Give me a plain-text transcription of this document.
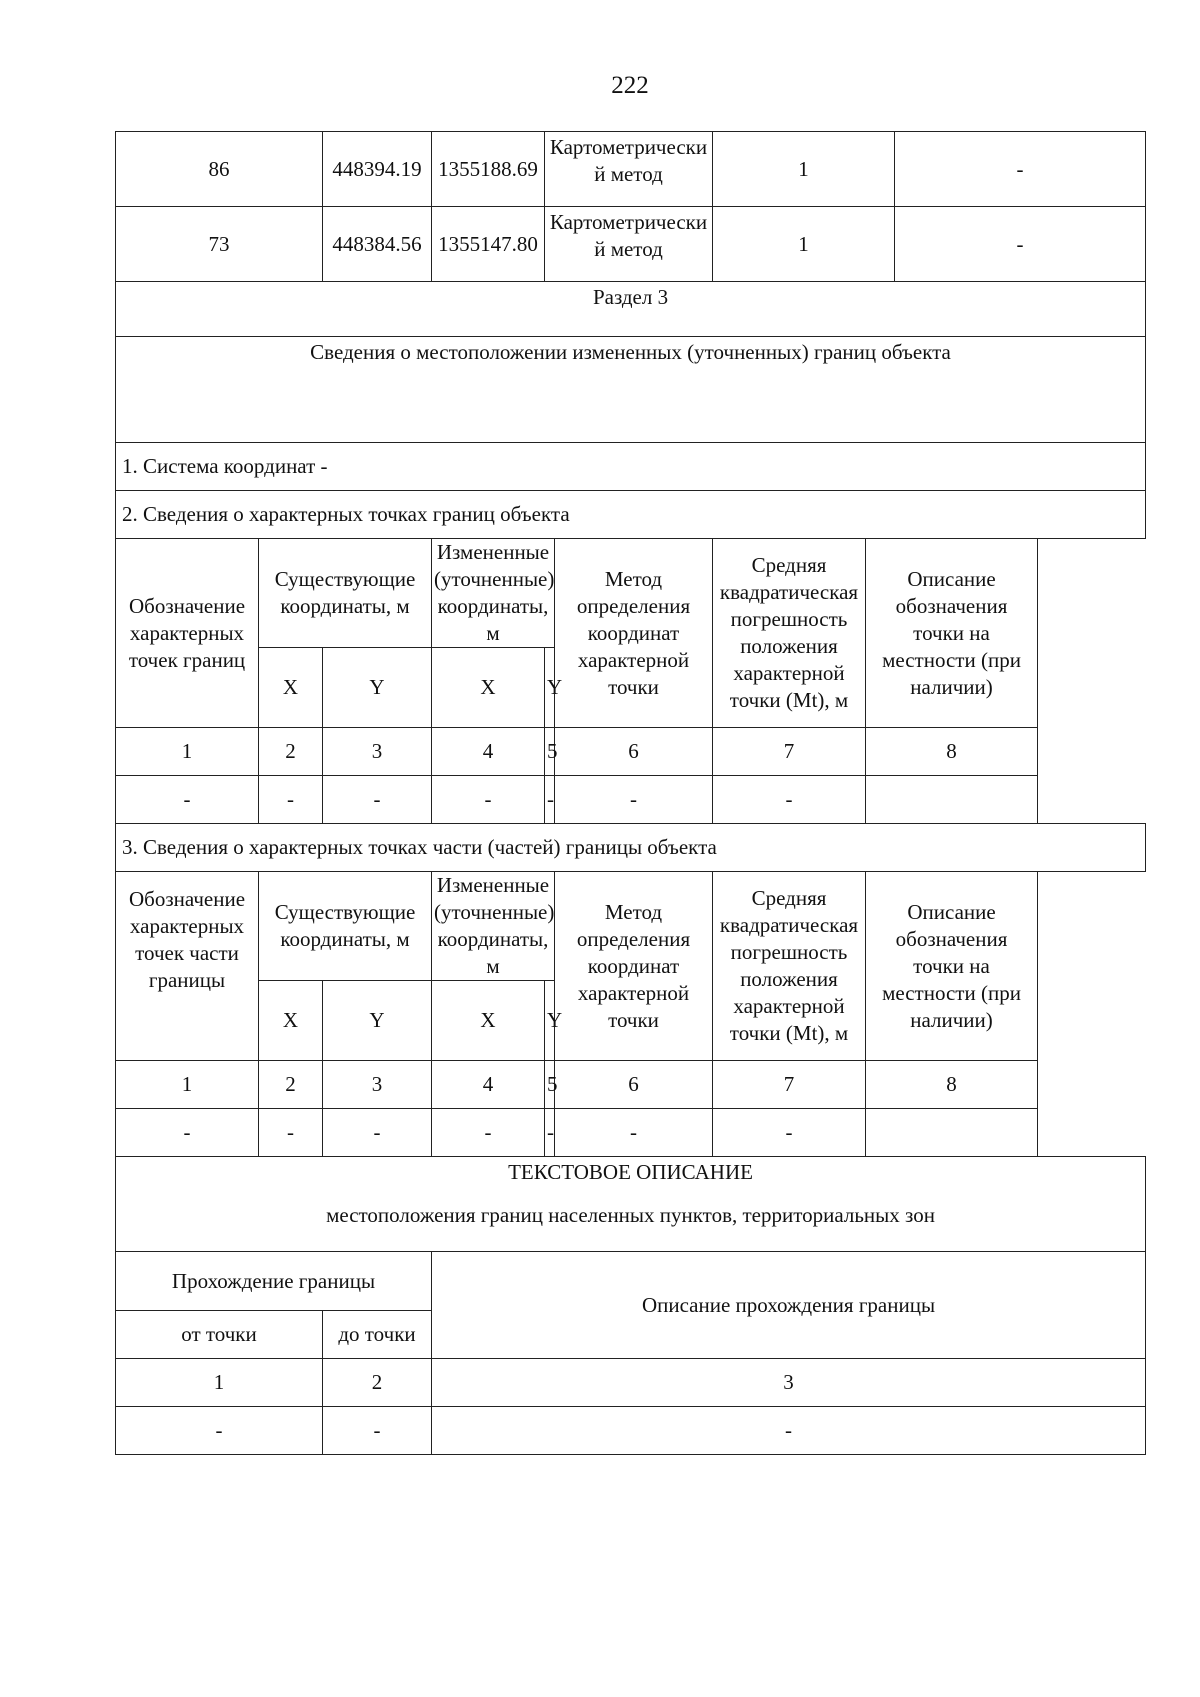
222
86		448394.19	1355188.69	Картометрически
й метод		1		-
73		448384.56	1355147.80	Картометрически
й метод		1		-
Раздел 3								
Сведения о местоположении измененных (уточненных) границ объекта								
1. Система координат -								
2. Сведения о характерных точках границ объекта								
Обозначение характерных точек границ	Существующие координаты, м		Измененные (уточненные) координаты, м		Метод определения координат характерной точки	Средняя квадратическая погрешность положения характерной точки (Mt), м	Описание обозначения точки на местности (при наличии)
	X	Y	X	Y				
1	2	3	4	5	6	7	8	
-	-	-	-	-	-	-		
3. Сведения о характерных точках части (частей) границы объекта								
Обозначение характерных точек части границы	Существующие координаты, м		Измененные (уточненные) координаты, м		Метод определения координат характерной точки	Средняя квадратическая погрешность положения характерной точки (Mt), м	Описание обозначения точки на местности (при наличии)
	X	Y	X	Y				
1	2	3	4	5	6	7	8	
-	-	-	-	-	-	-		

ТЕКСТОВОЕ ОПИСАНИЕ
местоположения границ населенных пунктов, территориальных зон								

Прохождение границы			Описание прохождения границы					
от точки		до точки						
1		2	3					
-		-	-					
